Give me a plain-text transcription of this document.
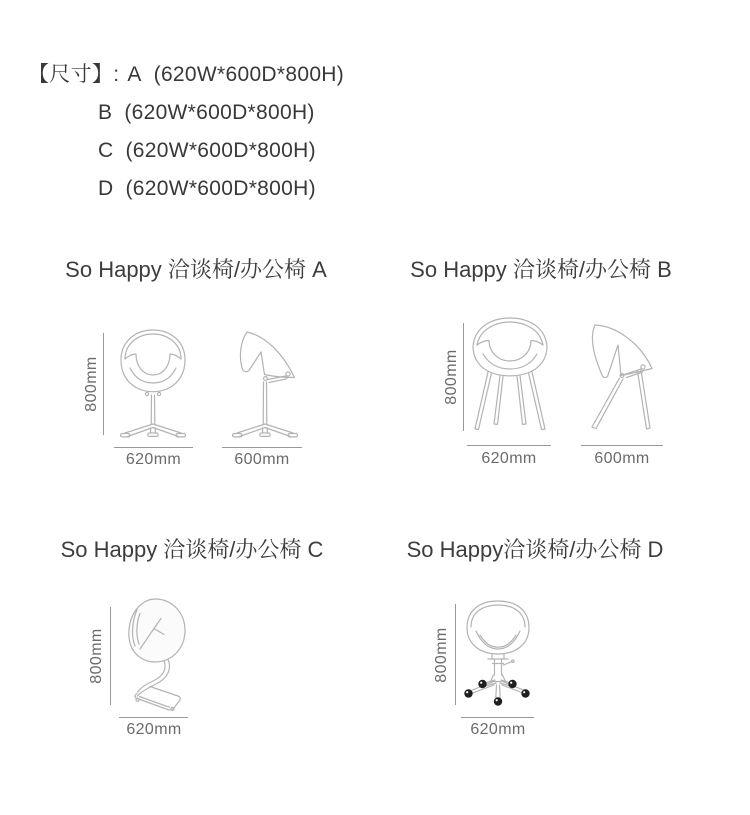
【尺寸】: A (620W*600D*800H)
B (620W*600D*800H)
C (620W*600D*800H)
D (620W*600D*800H)
So Happy 洽谈椅/办公椅 A	So Happy 洽谈椅/办公椅 B
So Happy 洽谈椅/办公椅 C	So Happy洽谈椅/办公椅 D
800mm
620mm	600mm
800mm
620mm	600mm
800mm
620mm
800mm
620mm
